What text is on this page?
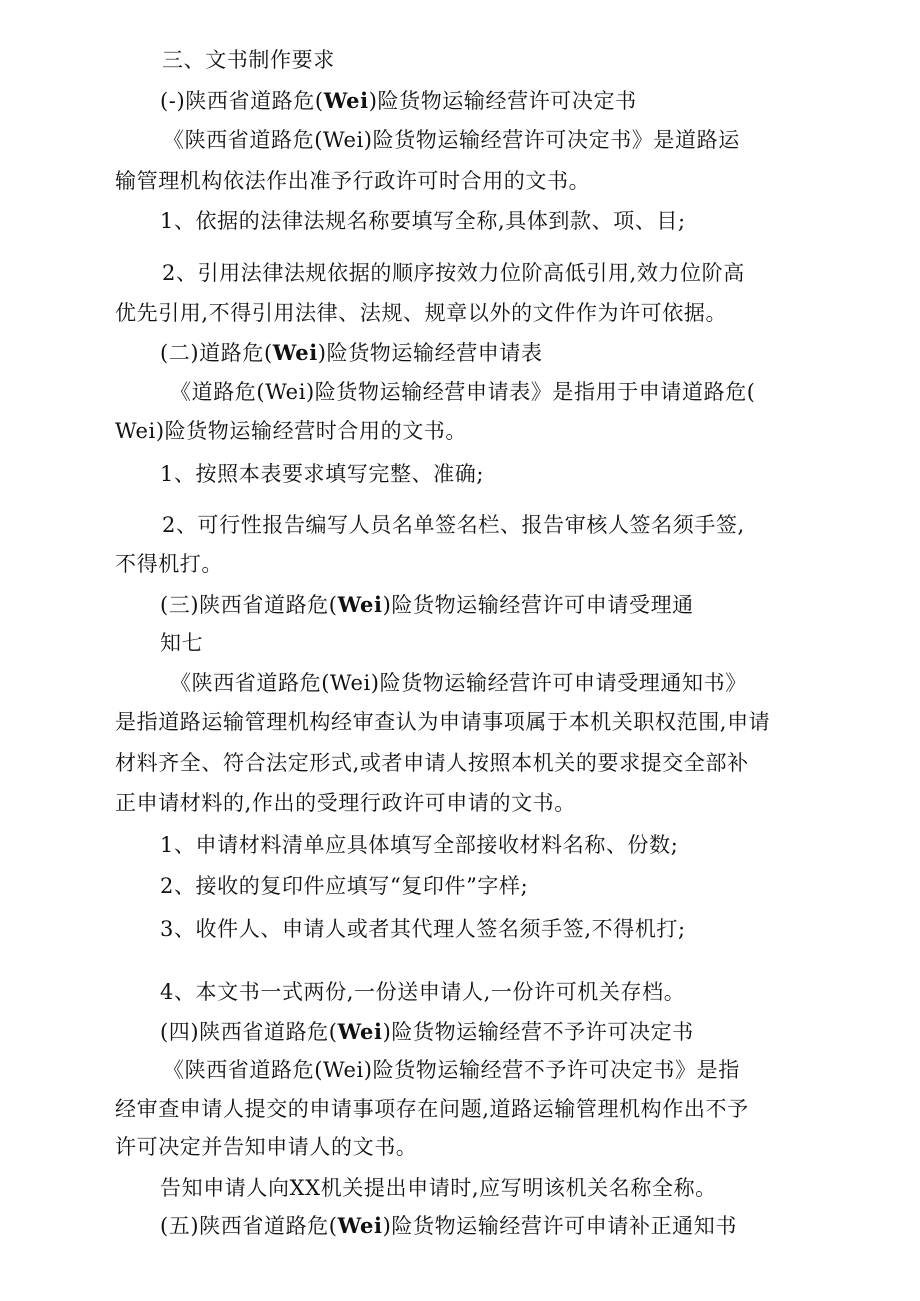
三、文书制作要求
(-)陕西省道路危(Wei)险货物运输经营许可决定书
《陕西省道路危(Wei)险货物运输经营许可决定书》是道路运
输管理机构依法作出准予行政许可时合用的文书。
1、依据的法律法规名称要填写全称,具体到款、项、目;
2、引用法律法规依据的顺序按效力位阶高低引用,效力位阶高
优先引用,不得引用法律、法规、规章以外的文件作为许可依据。
(二)道路危(Wei)险货物运输经营申请表
《道路危(Wei)险货物运输经营申请表》是指用于申请道路危(
Wei)险货物运输经营时合用的文书。
1、按照本表要求填写完整、准确;
2、可行性报告编写人员名单签名栏、报告审核人签名须手签,
不得机打。
(三)陕西省道路危(Wei)险货物运输经营许可申请受理通
知七
《陕西省道路危(Wei)险货物运输经营许可申请受理通知书》
是指道路运输管理机构经审查认为申请事项属于本机关职权范围,申请
材料齐全、符合法定形式,或者申请人按照本机关的要求提交全部补
正申请材料的,作出的受理行政许可申请的文书。
1、申请材料清单应具体填写全部接收材料名称、份数;
2、接收的复印件应填写“复印件”字样;
3、收件人、申请人或者其代理人签名须手签,不得机打;
4、本文书一式两份,一份送申请人,一份许可机关存档。
(四)陕西省道路危(Wei)险货物运输经营不予许可决定书
《陕西省道路危(Wei)险货物运输经营不予许可决定书》是指
经审查申请人提交的申请事项存在问题,道路运输管理机构作出不予
许可决定并告知申请人的文书。
告知申请人向XX机关提出申请时,应写明该机关名称全称。
(五)陕西省道路危(Wei)险货物运输经营许可申请补正通知书
